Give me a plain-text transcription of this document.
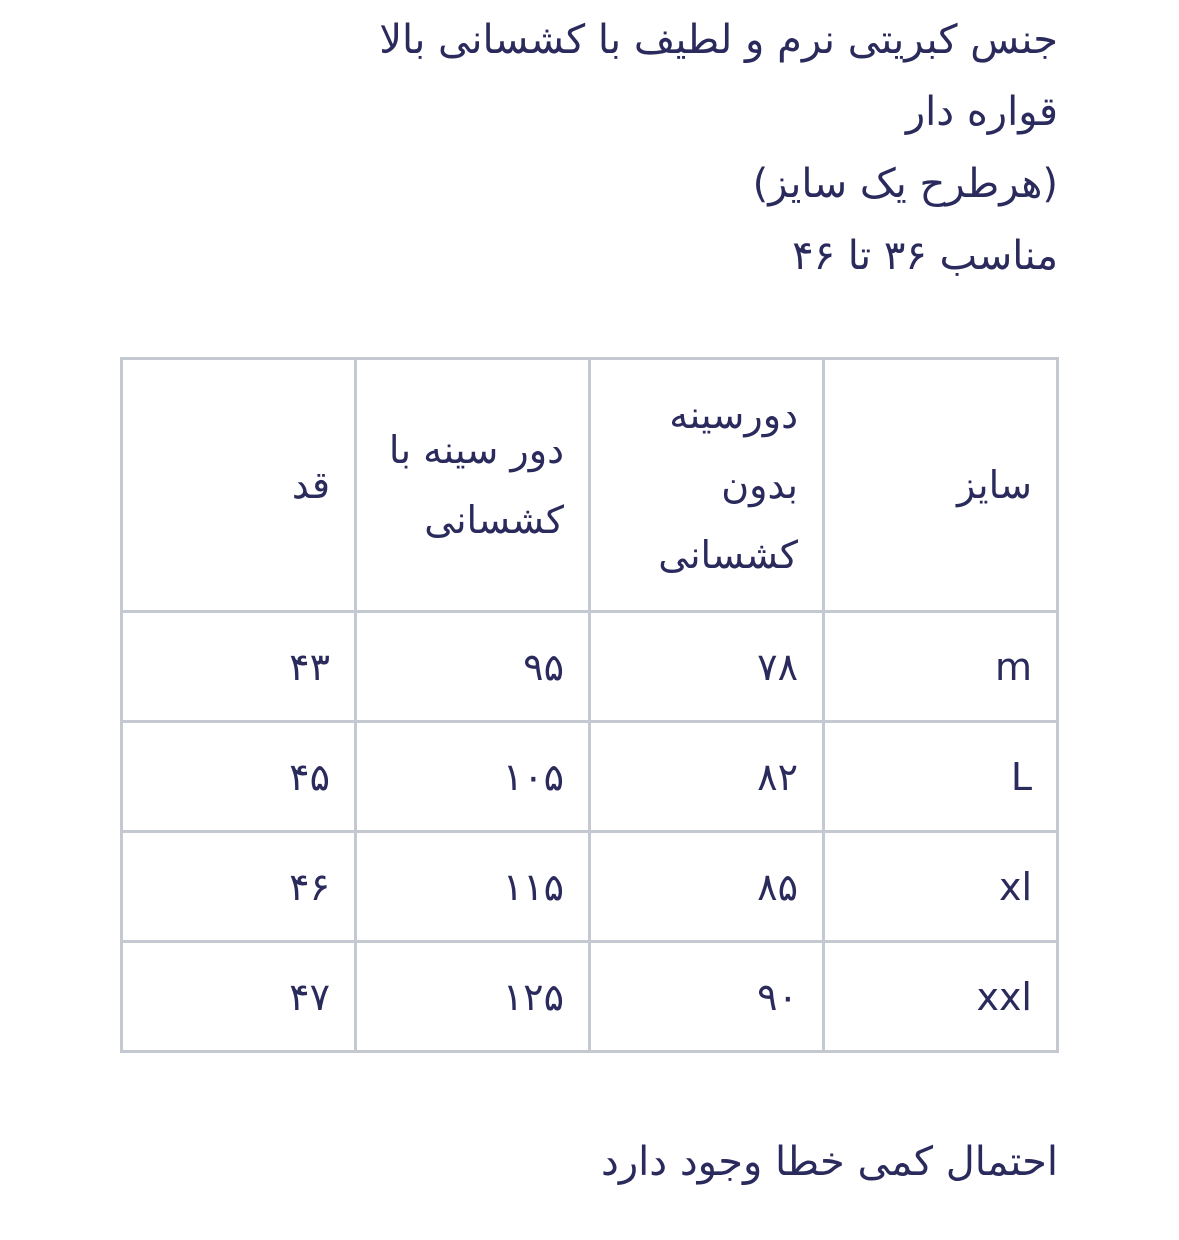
جنس کبریتی نرم و لطیف با کشسانی بالا

قواره دار

(هرطرح یک سایز)

مناسب ۳۶ تا ۴۶

سایز	دورسینه بدون کشسانی	دور سینه با کشسانی	قد
m	۷۸	۹۵	۴۳
L	۸۲	۱۰۵	۴۵
xl	۸۵	۱۱۵	۴۶
xxl	۹۰	۱۲۵	۴۷

احتمال کمی خطا وجود دارد
